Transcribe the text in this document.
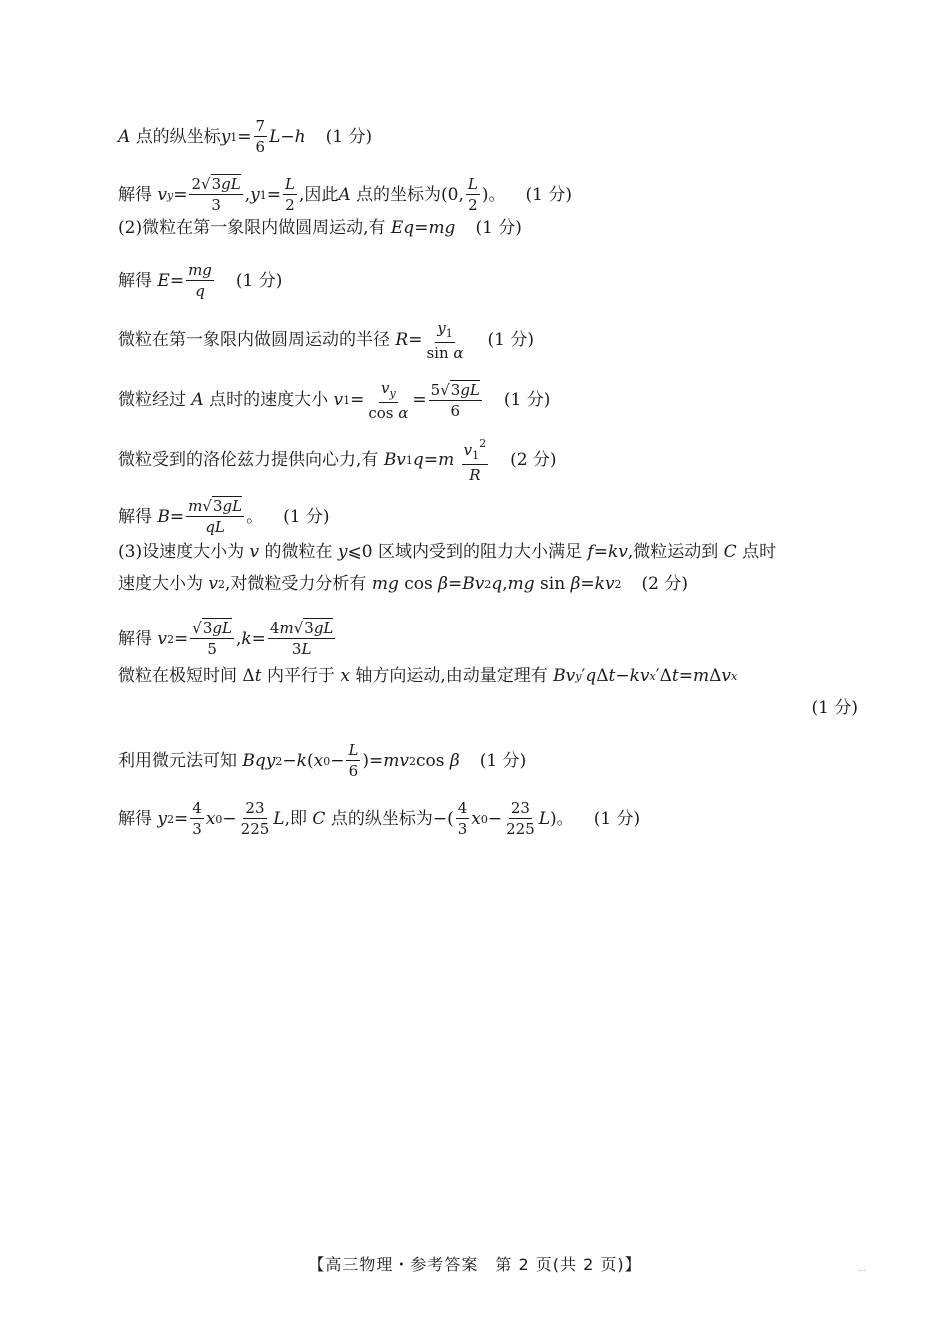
A
点的纵坐标 y $1 = \frac{7}{6}$ L − h (1 分)
解得
v $y = \frac{2√3gL}{3}$ , y $1 = \frac{L}{2}$ ,因此 A
点的坐标为(0, $\frac{L}{2}$ )。 (1 分)
(2)微粒在第一象限内做圆周运动,有
Eq = mg (1 分)
解得
$E = \frac{mg}{q} (1$ 分)
微粒在第一象限内做圆周运动的半径
$R = \frac{y_1}{\text{sin α}} (1$ 分)
微粒经过
A
点时的速度大小
v $1 = \frac{v_y}{\text{cos α}} = \frac{5√3gL}{6} (1$ 分)
微粒受到的洛伦兹力提供向心力,有
Bv 1 q = m
$\frac{v_1^2}{R} (2$ 分)
解得
$B = \frac{m√3gL}{qL}$ 。 (1 分)
(3)设速度大小为
v
的微粒在
y ⩽0 区域内受到的阻力大小满足
f = kv ,微粒运动到
C
点时
速度大小为
v 2 ,对微粒受力分析有
mg cos β = Bv 2 q , mg sin β = kv 2 (2 分)
解得
v $2 = \frac{√3gL}{5}$ , $k = \frac{4m√3gL}{3L}$
微粒在极短时间 Δ t
内平行于
x
轴方向运动,由动量定理有
Bv y ′ q Δ t − kv x ′Δ t = m Δ v x
(1 分)
利用微元法可知
Bqy 2 − k ( x $0 - \frac{L}{6}$ )= mv 2 cos β (1 分)
解得
y $2 = \frac{4}{3}$ x $0 - \frac{23}{225}$ L ,即
C
点的纵坐标为 −( $\frac{4}{3}$ x $0 - \frac{23}{225}$ L )。 (1 分)
【高三物理・参考答案　第 2 页(共 2 页)】	...
